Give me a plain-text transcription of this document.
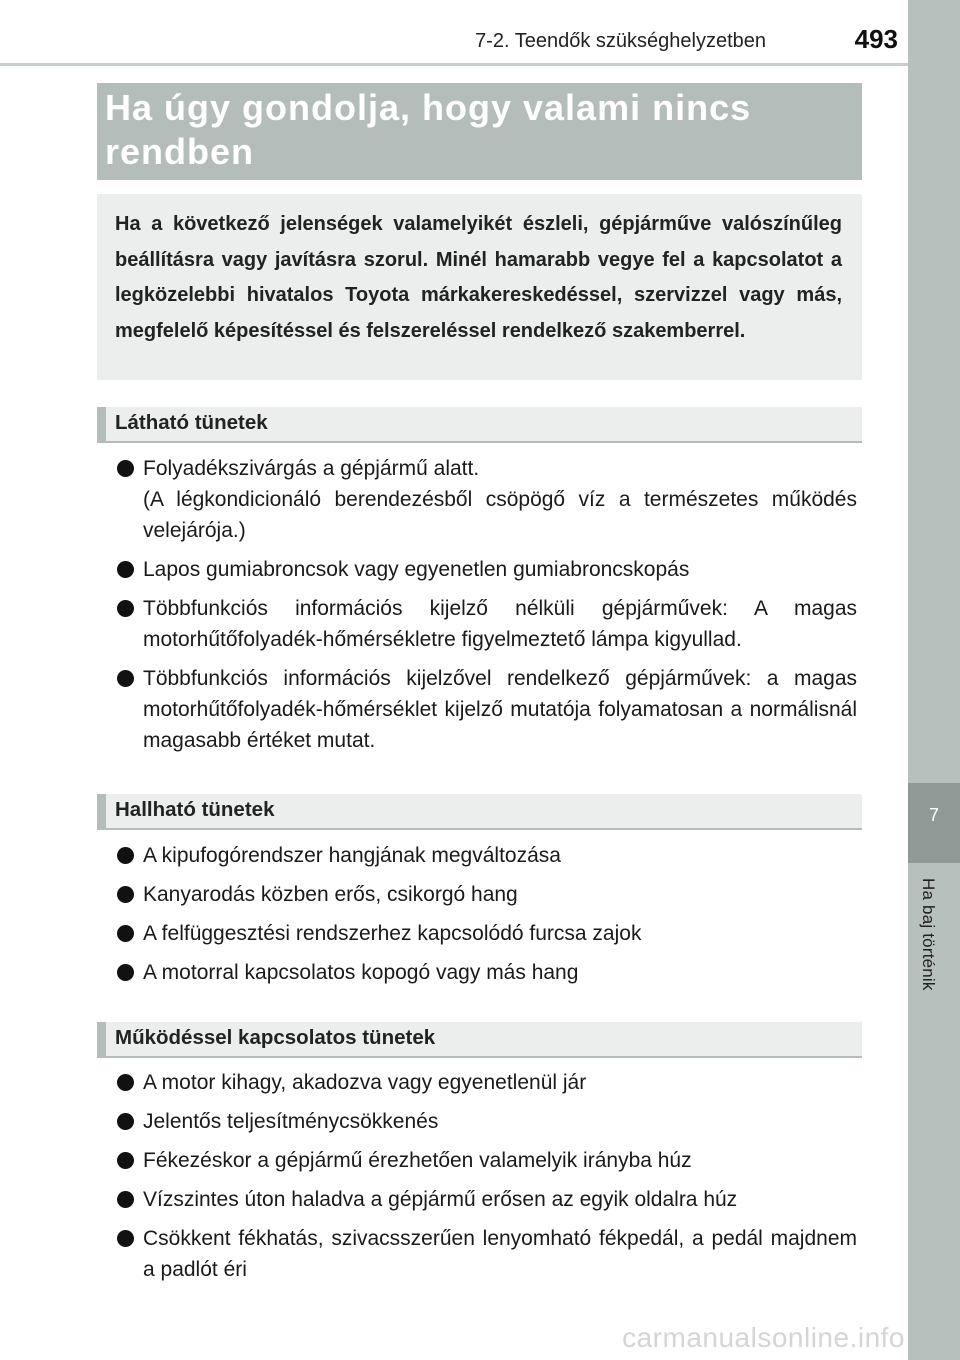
7-2. Teendők szükséghelyzetben	493
7
Ha baj történik
Ha úgy gondolja, hogy valami nincs rendben
Ha a következő jelenségek valamelyikét észleli, gépjárműve valószínűleg beállításra vagy javításra szorul. Minél hamarabb vegye fel a kapcsolatot a legközelebbi hivatalos Toyota márkakereskedéssel, szervizzel vagy más, megfelelő képesítéssel és felszereléssel rendelkező szakemberrel.
Látható tünetek
Folyadékszivárgás a gépjármű alatt.
(A légkondicionáló berendezésből csöpögő víz a természetes működés velejárója.)
Lapos gumiabroncsok vagy egyenetlen gumiabroncskopás
Többfunkciós információs kijelző nélküli gépjárművek: A magas motorhűtőfolyadék-hőmérsékletre figyelmeztető lámpa kigyullad.
Többfunkciós információs kijelzővel rendelkező gépjárművek: a magas motorhűtőfolyadék-hőmérséklet kijelző mutatója folyamatosan a normálisnál magasabb értéket mutat.
Hallható tünetek
A kipufogórendszer hangjának megváltozása
Kanyarodás közben erős, csikorgó hang
A felfüggesztési rendszerhez kapcsolódó furcsa zajok
A motorral kapcsolatos kopogó vagy más hang
Működéssel kapcsolatos tünetek
A motor kihagy, akadozva vagy egyenetlenül jár
Jelentős teljesítménycsökkenés
Fékezéskor a gépjármű érezhetően valamelyik irányba húz
Vízszintes úton haladva a gépjármű erősen az egyik oldalra húz
Csökkent fékhatás, szivacsszerűen lenyomható fékpedál, a pedál majdnem a padlót éri
carmanualsonline.info
